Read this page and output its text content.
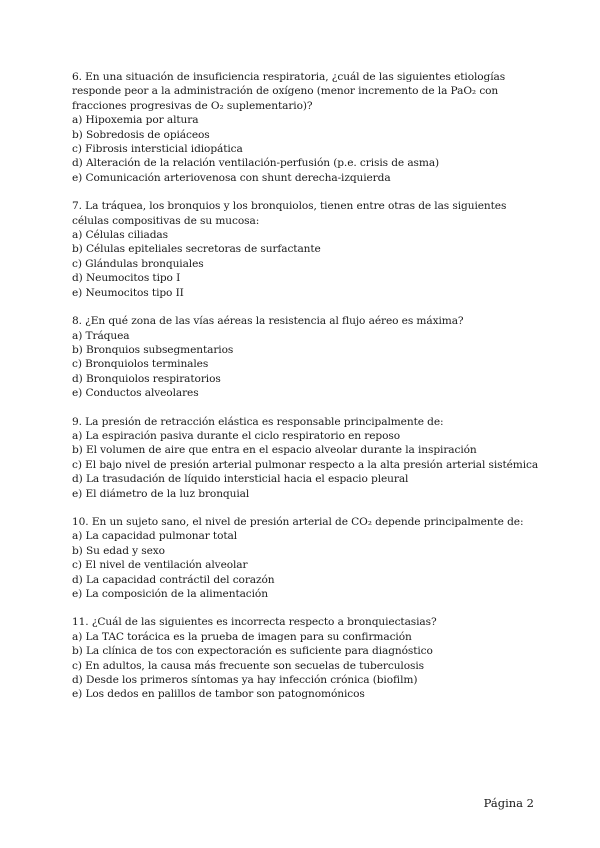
6. En una situación de insuficiencia respiratoria, ¿cuál de las siguientes etiologías responde peor a la administración de oxígeno (menor incremento de la PaO₂ con fracciones progresivas de O₂ suplementario)?

a) Hipoxemia por altura
b) Sobredosis de opiáceos
c) Fibrosis intersticial idiopática
d) Alteración de la relación ventilación-perfusión (p.e. crisis de asma)
e) Comunicación arteriovenosa con shunt derecha-izquierda

7. La tráquea, los bronquios y los bronquiolos, tienen entre otras de las siguientes células compositivas de su mucosa:

a) Células ciliadas
b) Células epiteliales secretoras de surfactante
c) Glándulas bronquiales
d) Neumocitos tipo I
e) Neumocitos tipo II

8. ¿En qué zona de las vías aéreas la resistencia al flujo aéreo es máxima?

a) Tráquea
b) Bronquios subsegmentarios
c) Bronquiolos terminales
d) Bronquiolos respiratorios
e) Conductos alveolares

9. La presión de retracción elástica es responsable principalmente de:

a) La espiración pasiva durante el ciclo respiratorio en reposo
b) El volumen de aire que entra en el espacio alveolar durante la inspiración
c) El bajo nivel de presión arterial pulmonar respecto a la alta presión arterial sistémica
d) La trasudación de líquido intersticial hacia el espacio pleural
e) El diámetro de la luz bronquial

10. En un sujeto sano, el nivel de presión arterial de CO₂ depende principalmente de:

a) La capacidad pulmonar total
b) Su edad y sexo
c) El nivel de ventilación alveolar
d) La capacidad contráctil del corazón
e) La composición de la alimentación

11. ¿Cuál de las siguientes es incorrecta respecto a bronquiectasias?

a) La TAC torácica es la prueba de imagen para su confirmación
b) La clínica de tos con expectoración es suficiente para diagnóstico
c) En adultos, la causa más frecuente son secuelas de tuberculosis
d) Desde los primeros síntomas ya hay infección crónica (biofilm)
e) Los dedos en palillos de tambor son patognomónicos
Página 2
